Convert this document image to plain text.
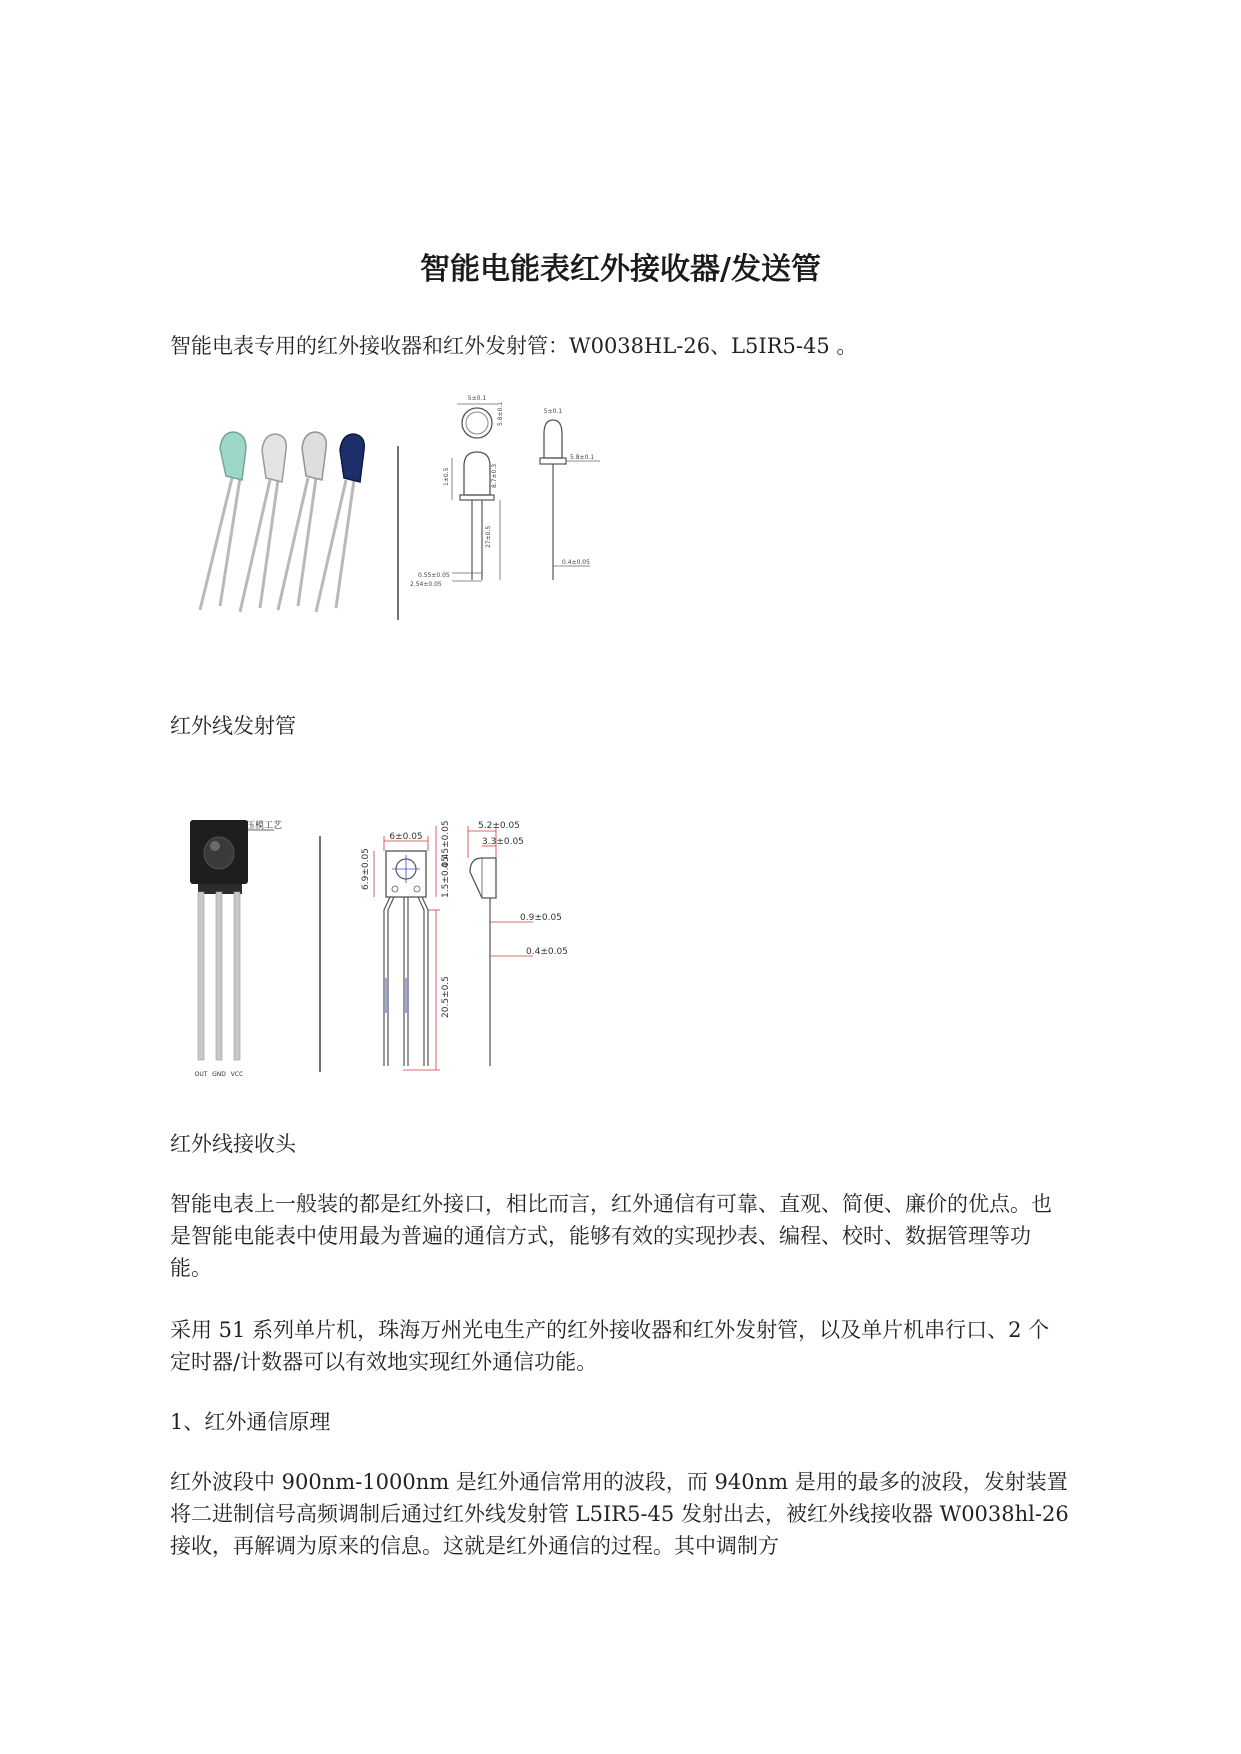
智能电能表红外接收器/发送管

智能电表专用的红外接收器和红外发射管：W0038HL-26、L5IR5-45 。

5±0.1
5.8±0.1
1±0.5	8.7±0.3
27±0.5
0.55±0.05
2.54±0.05
5±0.1
5.8±0.1
0.4±0.05

红外线发射管

压模工艺
OUT GND VCC
6±0.05
6.9±0.05
4.45±0.05
1.5±0.05
20.5±0.5
5.2±0.05
3.3±0.05
0.9±0.05
0.4±0.05

红外线接收头

智能电表上一般装的都是红外接口，相比而言，红外通信有可靠、直观、简便、廉价的优点。也是智能电能表中使用最为普遍的通信方式，能够有效的实现抄表、编程、校时、数据管理等功能。

采用 51 系列单片机，珠海万州光电生产的红外接收器和红外发射管，以及单片机串行口、2 个定时器/计数器可以有效地实现红外通信功能。

1、红外通信原理

红外波段中 900nm-1000nm 是红外通信常用的波段，而 940nm 是用的最多的波段，发射装置将二进制信号高频调制后通过红外线发射管 L5IR5-45 发射出去，被红外线接收器 W0038hl-26 接收，再解调为原来的信息。这就是红外通信的过程。其中调制方
